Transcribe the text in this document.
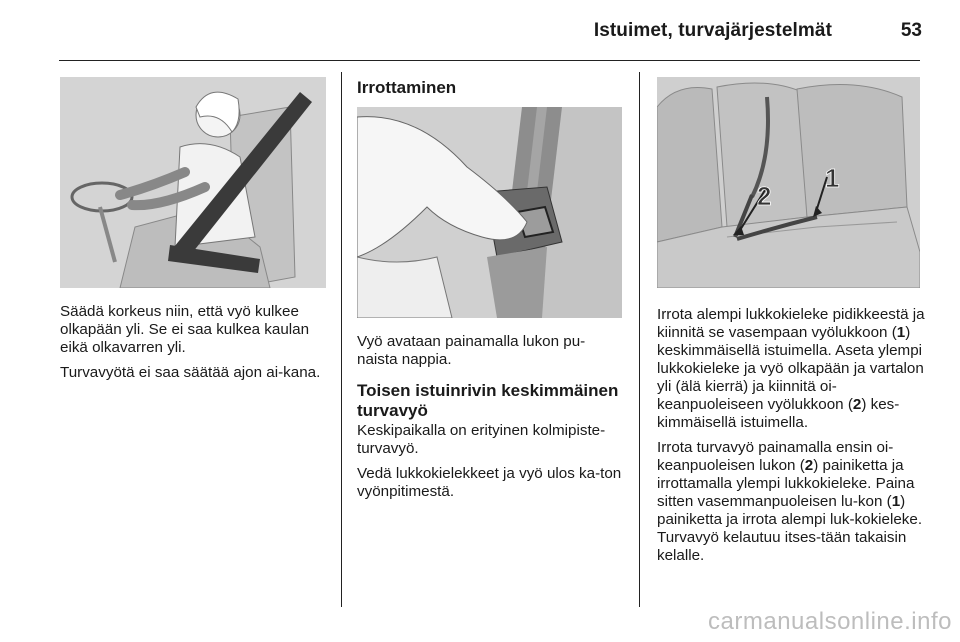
Istuimet, turvajärjestelmät	53
2
1

Säädä korkeus niin, että vyö kulkee olkapään yli. Se ei saa kulkea kaulan eikä olkavarren yli.

Turvavyötä ei saa säätää ajon ai-kana.

Irrottaminen

Vyö avataan painamalla lukon pu-naista nappia.

Toisen istuinrivin keskimmäinen turvavyö

Keskipaikalla on erityinen kolmipiste-turvavyö.

Vedä lukkokielekkeet ja vyö ulos ka-ton vyönpitimestä.

Irrota alempi lukkokieleke pidikkeestä ja kiinnitä se vasempaan vyölukkoon (1) keskimmäisellä istuimella. Aseta ylempi lukkokieleke ja vyö olkapään ja vartalon yli (älä kierrä) ja kiinnitä oi-keanpuoleiseen vyölukkoon (2) kes-kimmäisellä istuimella.

Irrota turvavyö painamalla ensin oi-keanpuoleisen lukon (2) painiketta ja irrottamalla ylempi lukkokieleke. Paina sitten vasemmanpuoleisen lu-kon (1) painiketta ja irrota alempi luk-kokieleke. Turvavyö kelautuu itses-tään takaisin kelalle.

carmanualsonline.info
